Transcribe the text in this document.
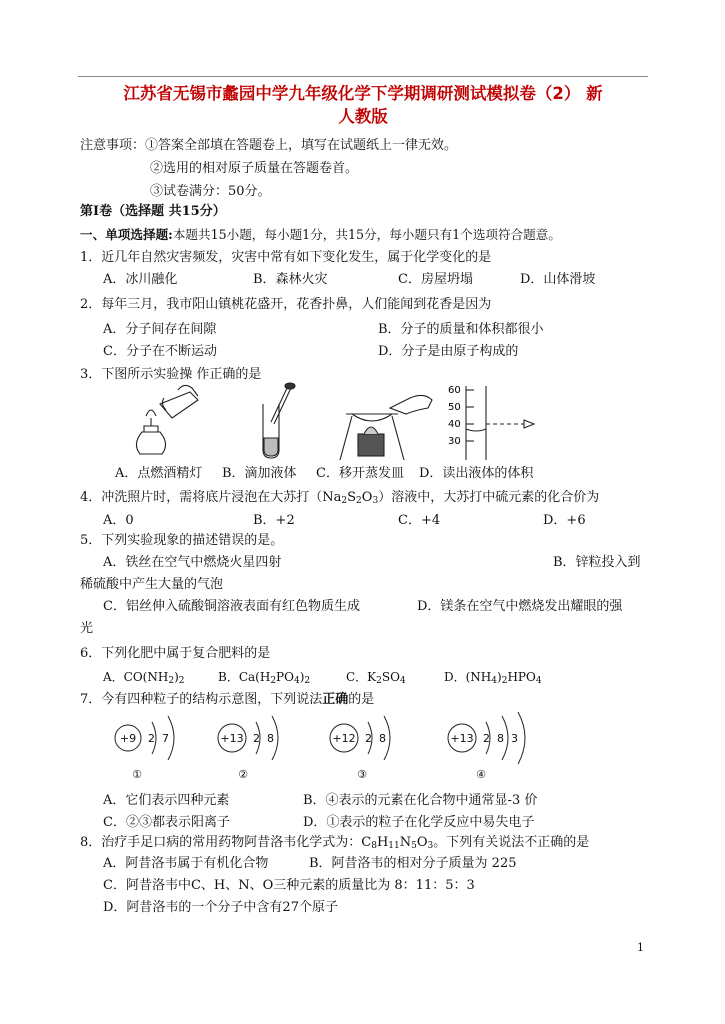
江苏省无锡市蠡园中学九年级化学下学期调研测试模拟卷（2） 新
人教版
注意事项：①答案全部填在答题卷上，填写在试题纸上一律无效。
②选用的相对原子质量在答题卷首。
③试卷满分：50分。
第Ⅰ卷（选择题 共15分）
一、单项选择题:本题共15小题，每小题1分，共15分，每小题只有1个选项符合题意。
1．近几年自然灾害频发，灾害中常有如下变化发生，属于化学变化的是
A．冰川融化	B．森林火灾	C．房屋坍塌	D．山体滑坡
2．每年三月，我市阳山镇桃花盛开，花香扑鼻，人们能闻到花香是因为
A．分子间存在间隙	B．分子的质量和体积都很小
C．分子在不断运动	D．分子是由原子构成的
3．下图所示实验操 作正确的是
60
50
40
30
A．点燃酒精灯 B．滴加液体 C．移开蒸发皿 D．读出液体的体积
4．冲洗照片时，需将底片浸泡在大苏打$(Na_2S_2O_3)$溶液中，大苏打中硫元素的化合价为
A．0	B．+2	C．+4	D．+6
5．下列实验现象的描述错误的是。
A．铁丝在空气中燃烧火星四射	B．锌粒投入到
稀硫酸中产生大量的气泡
C．铝丝伸入硫酸铜溶液表面有红色物质生成	D．镁条在空气中燃烧发出耀眼的强
光
6．下列化肥中属于复合肥料的是
A．$CO(NH_2)_2$	B．$Ca(H_2PO_4)_2$	C．$K_2SO_4$	D．$(NH_4)_2HPO_4$
7．今有四种粒子的结构示意图，下列说法正确的是
+9 2 7
①
+13 2 8
②
+12 2 8
③
+13 2 8 3
④
A．它们表示四种元素	B．④表示的元素在化合物中通常显-3 价
C．②③都表示阳离子	D．①表示的粒子在化学反应中易失电子
8．治疗手足口病的常用药物阿昔洛韦化学式为：$C_8H_{11}N_5O_3$。下列有关说法不正确的是
A．阿昔洛韦属于有机化合物	B．阿昔洛韦的相对分子质量为 225
C．阿昔洛韦中C、H、N、O三种元素的质量比为 8：11：5：3
D．阿昔洛韦的一个分子中含有27个原子
1
